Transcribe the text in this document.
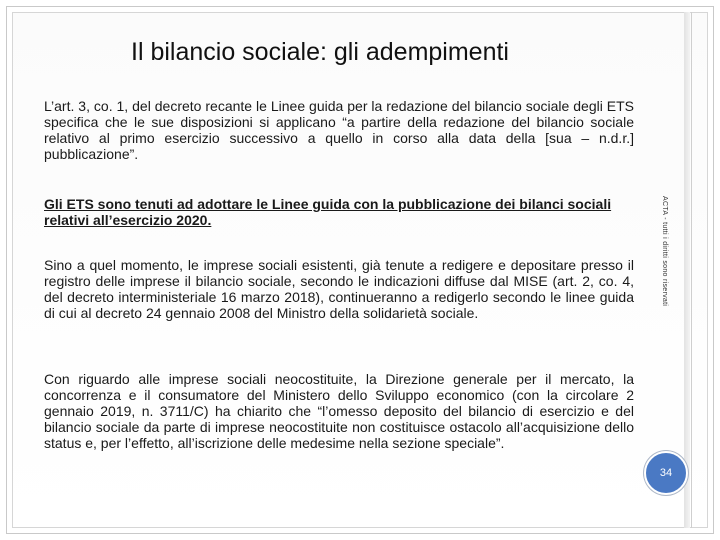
Il bilancio sociale: gli adempimenti
L’art. 3, co. 1, del decreto recante le Linee guida per la redazione del bilancio sociale degli ETS specifica che le sue disposizioni si applicano “a partire della redazione del bilancio sociale relativo al primo esercizio successivo a quello in corso alla data della [sua – n.d.r.] pubblicazione”.
Gli ETS sono tenuti ad adottare le Linee guida con la pubblicazione dei bilanci sociali relativi all’esercizio 2020.
Sino a quel momento, le imprese sociali esistenti, già tenute a redigere e depositare presso il registro delle imprese il bilancio sociale, secondo le indicazioni diffuse dal MISE (art. 2, co. 4, del decreto interministeriale 16 marzo 2018), continueranno a redigerlo secondo le linee guida di cui al decreto 24 gennaio 2008 del Ministro della solidarietà sociale.
Con riguardo alle imprese sociali neocostituite, la Direzione generale per il mercato, la concorrenza e il consumatore del Ministero dello Sviluppo economico (con la circolare 2 gennaio 2019, n. 3711/C) ha chiarito che “l’omesso deposito del bilancio di esercizio e del bilancio sociale da parte di imprese neocostituite non costituisce ostacolo all’acquisizione dello status e, per l’effetto, all’iscrizione delle medesime nella sezione speciale”.
ACTA - tutti i diritti sono riservati
34
